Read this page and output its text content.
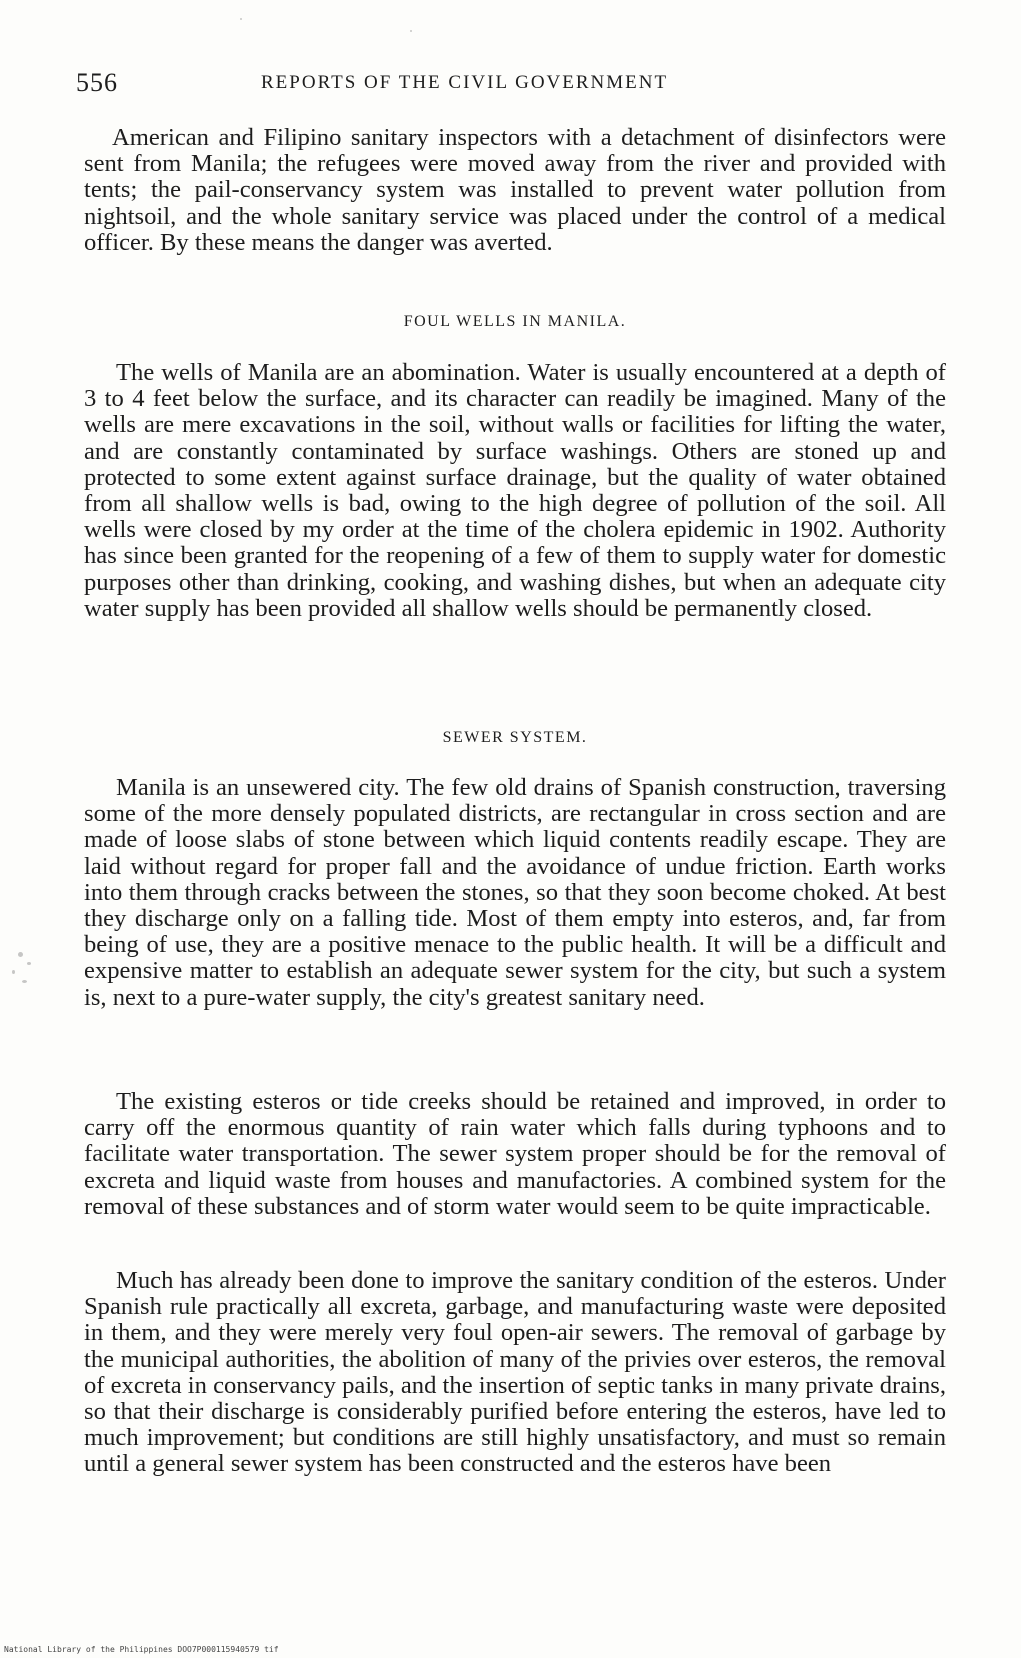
556	REPORTS OF THE CIVIL GOVERNMENT

American and Filipino sanitary inspectors with a detachment of disinfectors were sent from Manila; the refugees were moved away from the river and provided with tents; the pail-conservancy system was installed to prevent water pollution from nightsoil, and the whole sanitary service was placed under the control of a medical officer. By these means the danger was averted.

FOUL WELLS IN MANILA.

The wells of Manila are an abomination. Water is usually encountered at a depth of 3 to 4 feet below the surface, and its character can readily be imagined. Many of the wells are mere excavations in the soil, without walls or facilities for lifting the water, and are constantly contaminated by surface washings. Others are stoned up and protected to some extent against surface drainage, but the quality of water obtained from all shallow wells is bad, owing to the high degree of pollution of the soil. All wells were closed by my order at the time of the cholera epidemic in 1902. Authority has since been granted for the reopening of a few of them to supply water for domestic purposes other than drinking, cooking, and washing dishes, but when an adequate city water supply has been provided all shallow wells should be permanently closed.

SEWER SYSTEM.

Manila is an unsewered city. The few old drains of Spanish construction, traversing some of the more densely populated districts, are rectangular in cross section and are made of loose slabs of stone between which liquid contents readily escape. They are laid without regard for proper fall and the avoidance of undue friction. Earth works into them through cracks between the stones, so that they soon become choked. At best they discharge only on a falling tide. Most of them empty into esteros, and, far from being of use, they are a positive menace to the public health. It will be a difficult and expensive matter to establish an adequate sewer system for the city, but such a system is, next to a pure-water supply, the city's greatest sanitary need.

The existing esteros or tide creeks should be retained and improved, in order to carry off the enormous quantity of rain water which falls during typhoons and to facilitate water transportation. The sewer system proper should be for the removal of excreta and liquid waste from houses and manufactories. A combined system for the removal of these substances and of storm water would seem to be quite impracticable.

Much has already been done to improve the sanitary condition of the esteros. Under Spanish rule practically all excreta, garbage, and manufacturing waste were deposited in them, and they were merely very foul open-air sewers. The removal of garbage by the municipal authorities, the abolition of many of the privies over esteros, the removal of excreta in conservancy pails, and the insertion of septic tanks in many private drains, so that their discharge is considerably purified before entering the esteros, have led to much improvement; but conditions are still highly unsatisfactory, and must so remain until a general sewer system has been constructed and the esteros have been

National Library of the Philippines DOO7P000115940579 tif
